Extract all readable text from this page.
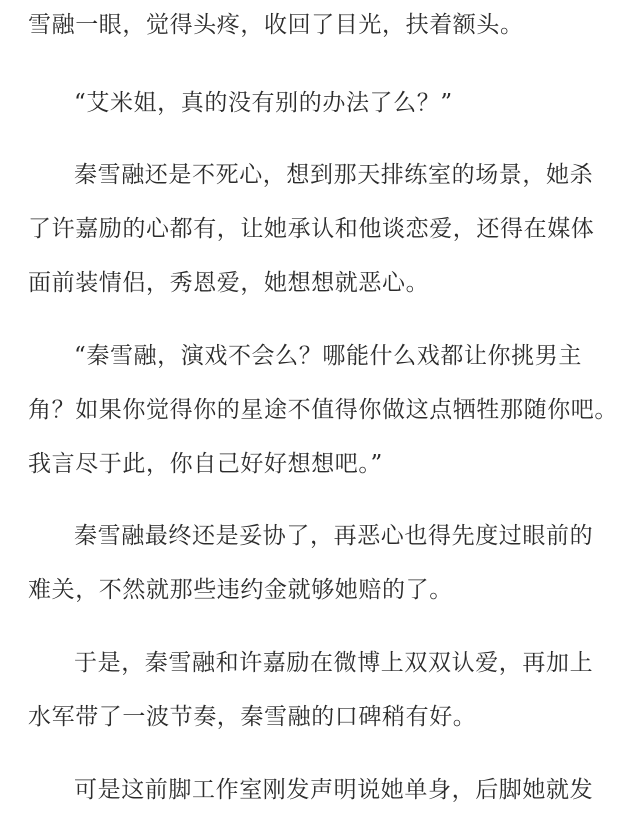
雪融一眼，觉得头疼，收回了目光，扶着额头。
“艾米姐，真的没有别的办法了么？”
秦雪融还是不死心，想到那天排练室的场景，她杀
了许嘉励的心都有，让她承认和他谈恋爱，还得在媒体
面前装情侣，秀恩爱，她想想就恶心。
“秦雪融，演戏不会么？哪能什么戏都让你挑男主
角？如果你觉得你的星途不值得你做这点牺牲那随你吧。
我言尽于此，你自己好好想想吧。”
秦雪融最终还是妥协了，再恶心也得先度过眼前的
难关，不然就那些违约金就够她赔的了。
于是，秦雪融和许嘉励在微博上双双认爱，再加上
水军带了一波节奏，秦雪融的口碑稍有好。
可是这前脚工作室刚发声明说她单身，后脚她就发
